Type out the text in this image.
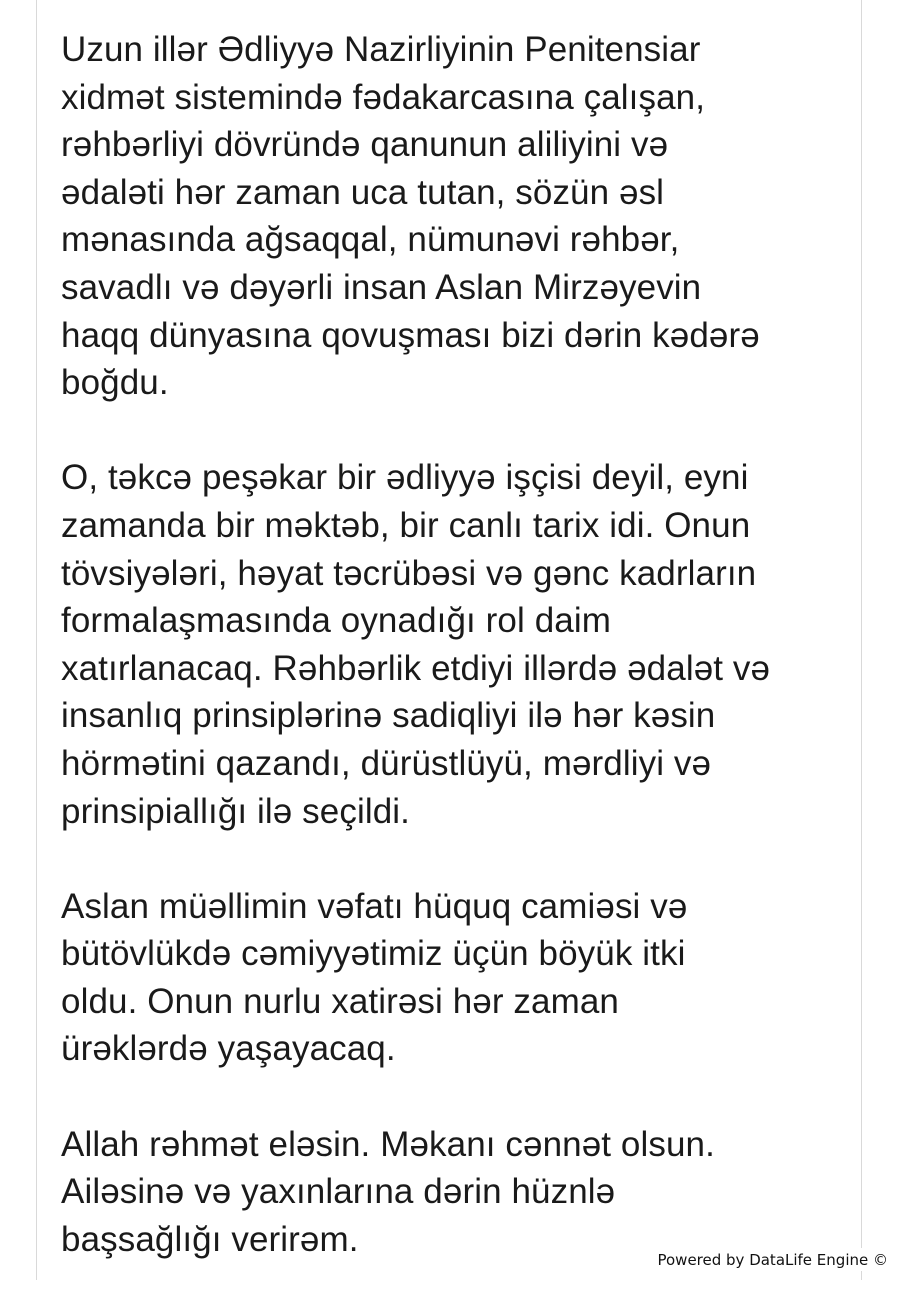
Uzun illər Ədliyyə Nazirliyinin Penitensiar
xidmət sistemində fədakarcasına çalışan,
rəhbərliyi dövründə qanunun aliliyini və
ədaləti hər zaman uca tutan, sözün əsl
mənasında ağsaqqal, nümunəvi rəhbər,
savadlı və dəyərli insan Aslan Mirzəyevin
haqq dünyasına qovuşması bizi dərin kədərə
boğdu.

O, təkcə peşəkar bir ədliyyə işçisi deyil, eyni
zamanda bir məktəb, bir canlı tarix idi. Onun
tövsiyələri, həyat təcrübəsi və gənc kadrların
formalaşmasında oynadığı rol daim
xatırlanacaq. Rəhbərlik etdiyi illərdə ədalət və
insanlıq prinsiplərinə sadiqliyi ilə hər kəsin
hörmətini qazandı, dürüstlüyü, mərdliyi və
prinsipiallığı ilə seçildi.

Aslan müəllimin vəfatı hüquq camiəsi və
bütövlükdə cəmiyyətimiz üçün böyük itki
oldu. Onun nurlu xatirəsi hər zaman
ürəklərdə yaşayacaq.

Allah rəhmət eləsin. Məkanı cənnət olsun.
Ailəsinə və yaxınlarına dərin hüznlə
başsağlığı verirəm.

Powered by DataLife Engine ©
